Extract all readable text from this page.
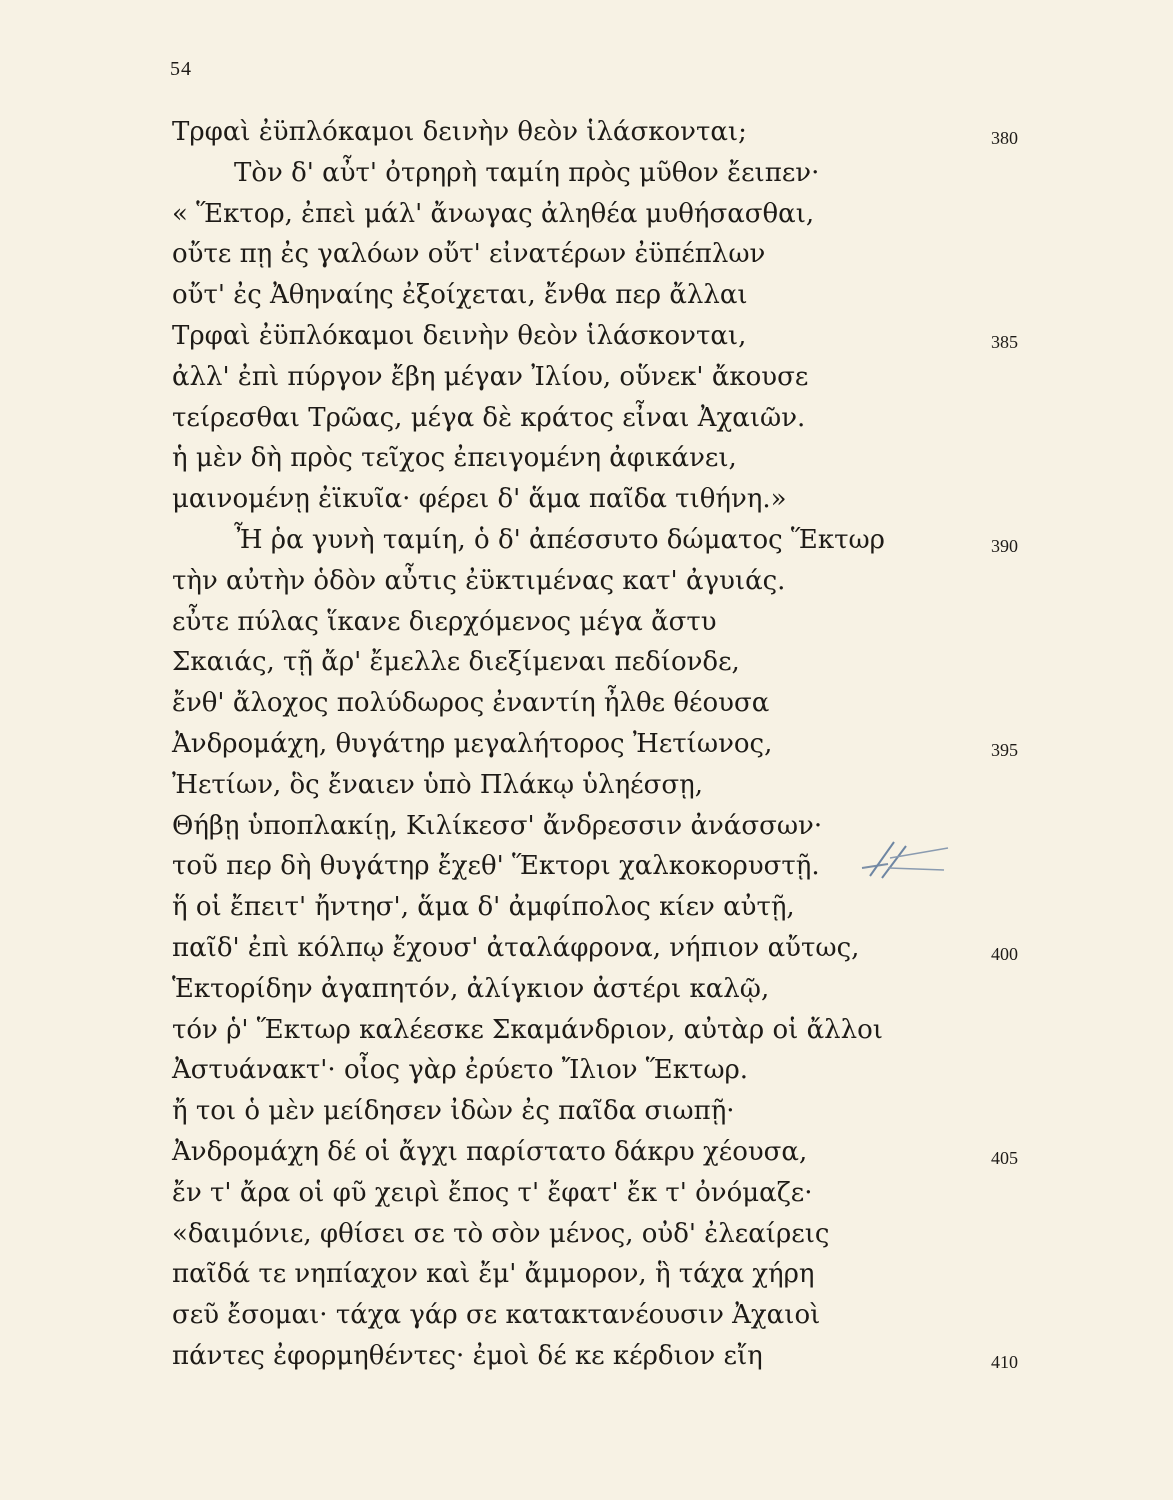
54
Τρφαὶ ἐϋπλόκαμοι δεινὴν θεὸν ἱλάσκονται;	380
Τὸν δ' αὖτ' ὀτρηρὴ ταμίη πρὸς μῦθον ἔειπεν·
« Ἕκτορ, ἐπεὶ μάλ' ἄνωγας ἀληθέα μυθήσασθαι,
οὔτε πῃ ἐς γαλόων οὔτ' εἰνατέρων ἐϋπέπλων
οὔτ' ἐς Ἀθηναίης ἐξοίχεται, ἔνθα περ ἄλλαι
Τρφαὶ ἐϋπλόκαμοι δεινὴν θεὸν ἱλάσκονται,	385
ἀλλ' ἐπὶ πύργον ἔβη μέγαν Ἰλίου, οὕνεκ' ἄκουσε
τείρεσθαι Τρῶας, μέγα δὲ κράτος εἶναι Ἀχαιῶν.
ἡ μὲν δὴ πρὸς τεῖχος ἐπειγομένη ἀφικάνει,
μαινομένῃ ἐϊκυῖα· φέρει δ' ἅμα παῖδα τιθήνη.»
Ἦ ῥα γυνὴ ταμίη, ὁ δ' ἀπέσσυτο δώματος Ἕκτωρ	390
τὴν αὐτὴν ὁδὸν αὖτις ἐϋκτιμένας κατ' ἀγυιάς.
εὖτε πύλας ἵκανε διερχόμενος μέγα ἄστυ
Σκαιάς, τῇ ἄρ' ἔμελλε διεξίμεναι πεδίονδε,
ἔνθ' ἄλοχος πολύδωρος ἐναντίη ἦλθε θέουσα
Ἀνδρομάχη, θυγάτηρ μεγαλήτορος Ἠετίωνος,	395
Ἠετίων, ὃς ἔναιεν ὑπὸ Πλάκῳ ὑληέσσῃ,
Θήβῃ ὑποπλακίῃ, Κιλίκεσσ' ἄνδρεσσιν ἀνάσσων·
τοῦ περ δὴ θυγάτηρ ἔχεθ' Ἕκτορι χαλκοκορυστῇ.
ἥ οἱ ἔπειτ' ἤντησ', ἅμα δ' ἀμφίπολος κίεν αὐτῇ,
παῖδ' ἐπὶ κόλπῳ ἔχουσ' ἀταλάφρονα, νήπιον αὔτως,	400
Ἑκτορίδην ἀγαπητόν, ἀλίγκιον ἀστέρι καλῷ,
τόν ῥ' Ἕκτωρ καλέεσκε Σκαμάνδριον, αὐτὰρ οἱ ἄλλοι
Ἀστυάνακτ'· οἶος γὰρ ἐρύετο Ἴλιον Ἕκτωρ.
ἤ τοι ὁ μὲν μείδησεν ἰδὼν ἐς παῖδα σιωπῇ·
Ἀνδρομάχη δέ οἱ ἄγχι παρίστατο δάκρυ χέουσα,	405
ἔν τ' ἄρα οἱ φῦ χειρὶ ἔπος τ' ἔφατ' ἔκ τ' ὀνόμαζε·
«δαιμόνιε, φθίσει σε τὸ σὸν μένος, οὐδ' ἐλεαίρεις
παῖδά τε νηπίαχον καὶ ἔμ' ἄμμορον, ἣ τάχα χήρη
σεῦ ἔσομαι· τάχα γάρ σε κατακτανέουσιν Ἀχαιοὶ
πάντες ἐφορμηθέντες· ἐμοὶ δέ κε κέρδιον εἴη	410
